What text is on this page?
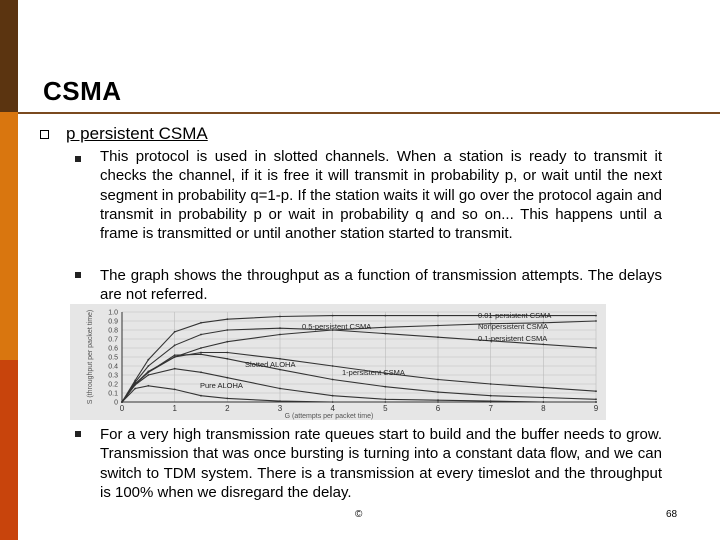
CSMA
p persistent CSMA
This protocol is used in slotted channels. When a station is ready to transmit it checks the channel, if it is free it will transmit in probability p, or wait until the next segment in probability q=1-p. If the station waits it will go over the protocol again and transmit in probability p or wait in probability q and so on... This happens until a frame is transmitted or until another station started to transmit.
The graph shows the throughput as a function of transmission attempts. The delays are not referred.
0
0.1
0.2
0.3
0.4
0.5
0.6
0.7
0.8
0.9
1.0
0	1	2	3	4	5	6	7	8	9
S (throughput per packet time)
G (attempts per packet time)
0.01-persistent CSMA
Nonpersistent CSMA
0.1-persistent CSMA
0.5-persistent CSMA
1-persistent CSMA
Slotted ALOHA
Pure ALOHA
For a very high transmission rate queues start to build and the buffer needs to grow. Transmission that was once bursting is turning into a constant data flow, and we can switch to TDM system. There is a transmission at every timeslot and the throughput is 100% when we disregard the delay.
©	68
